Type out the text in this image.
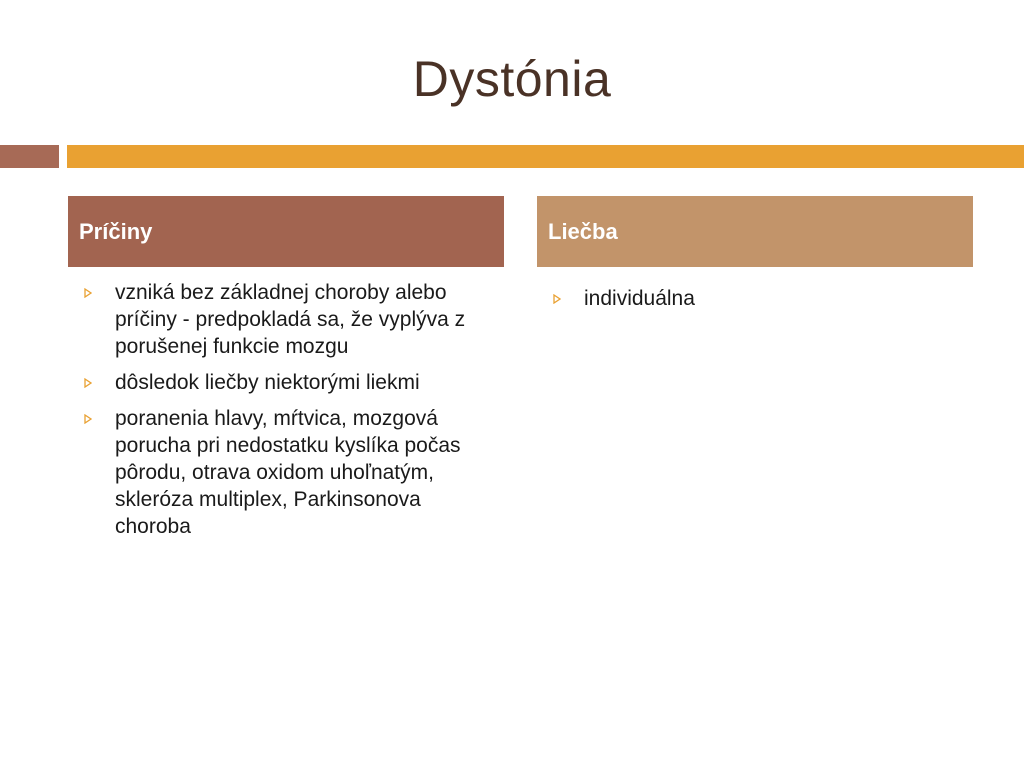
Dystónia
Príčiny
vzniká bez základnej choroby alebo príčiny - predpokladá sa, že vyplýva z porušenej funkcie mozgu
dôsledok liečby niektorými liekmi
poranenia hlavy, mŕtvica, mozgová porucha pri nedostatku kyslíka počas pôrodu, otrava oxidom uhoľnatým, skleróza multiplex, Parkinsonova choroba
Liečba
individuálna
